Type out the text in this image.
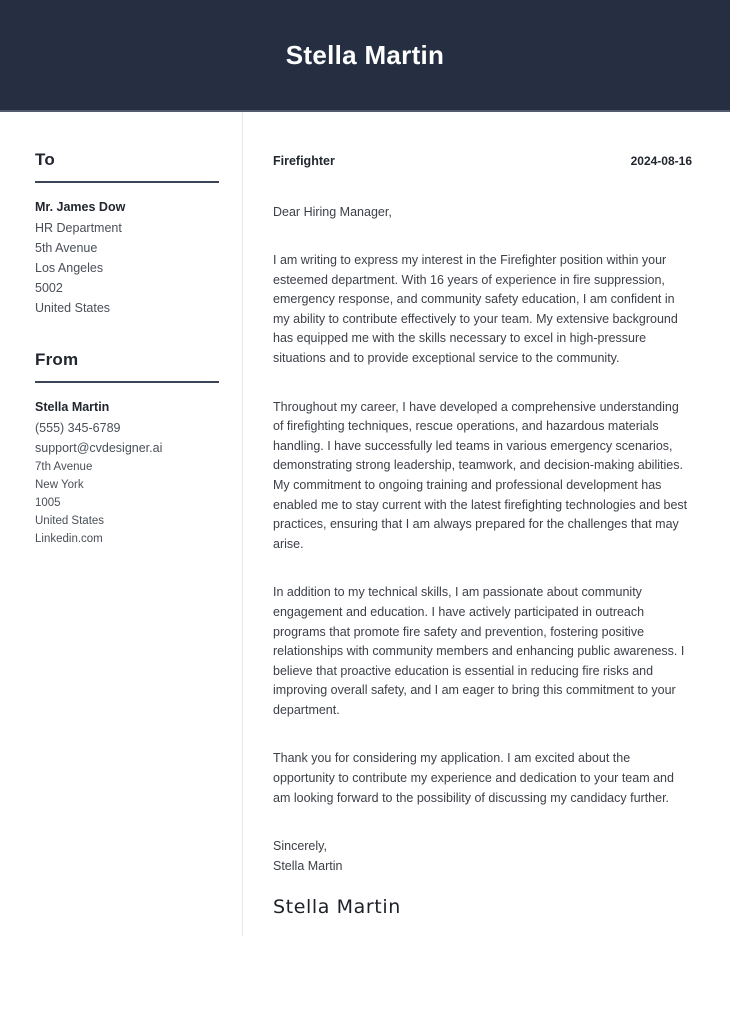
Stella Martin
To
Mr. James Dow
HR Department
5th Avenue
Los Angeles
5002
United States
From
Stella Martin
(555) 345-6789
support@cvdesigner.ai
7th Avenue
New York
1005
United States
Linkedin.com
Firefighter	2024-08-16
Dear Hiring Manager,

I am writing to express my interest in the Firefighter position within your esteemed department. With 16 years of experience in fire suppression, emergency response, and community safety education, I am confident in my ability to contribute effectively to your team. My extensive background has equipped me with the skills necessary to excel in high-pressure situations and to provide exceptional service to the community.

Throughout my career, I have developed a comprehensive understanding of firefighting techniques, rescue operations, and hazardous materials handling. I have successfully led teams in various emergency scenarios, demonstrating strong leadership, teamwork, and decision-making abilities. My commitment to ongoing training and professional development has enabled me to stay current with the latest firefighting technologies and best practices, ensuring that I am always prepared for the challenges that may arise.

In addition to my technical skills, I am passionate about community engagement and education. I have actively participated in outreach programs that promote fire safety and prevention, fostering positive relationships with community members and enhancing public awareness. I believe that proactive education is essential in reducing fire risks and improving overall safety, and I am eager to bring this commitment to your department.

Thank you for considering my application. I am excited about the opportunity to contribute my experience and dedication to your team and am looking forward to the possibility of discussing my candidacy further.

Sincerely,
Stella Martin
Stella Martin
